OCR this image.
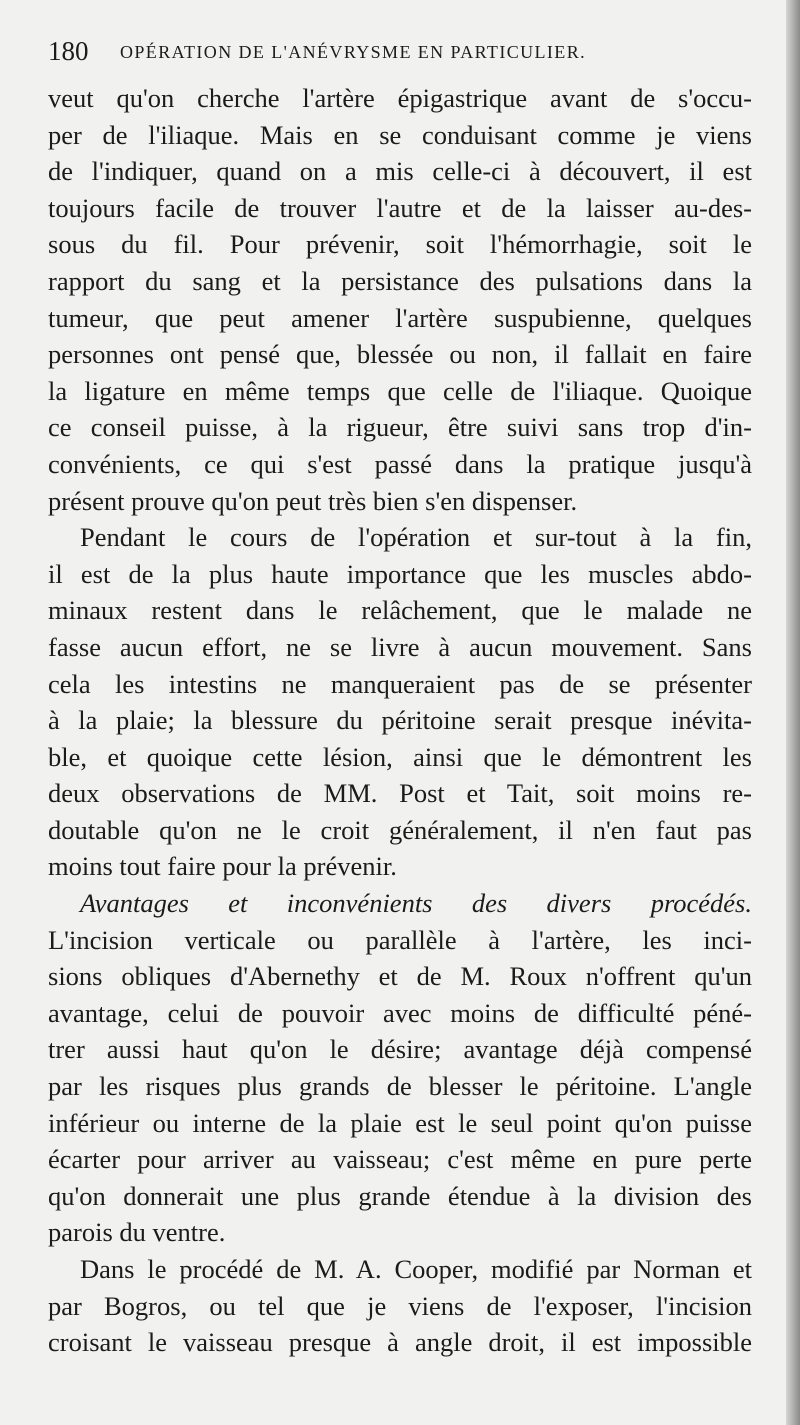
180 OPÉRATION DE L'ANÉVRYSME EN PARTICULIER.
veut qu'on cherche l'artère épigastrique avant de s'occu-
per de l'iliaque. Mais en se conduisant comme je viens
de l'indiquer, quand on a mis celle-ci à découvert, il est
toujours facile de trouver l'autre et de la laisser au-des-
sous du fil. Pour prévenir, soit l'hémorrhagie, soit le
rapport du sang et la persistance des pulsations dans la
tumeur, que peut amener l'artère suspubienne, quelques
personnes ont pensé que, blessée ou non, il fallait en faire
la ligature en même temps que celle de l'iliaque. Quoique
ce conseil puisse, à la rigueur, être suivi sans trop d'in-
convénients, ce qui s'est passé dans la pratique jusqu'à
présent prouve qu'on peut très bien s'en dispenser.
Pendant le cours de l'opération et sur-tout à la fin,
il est de la plus haute importance que les muscles abdo-
minaux restent dans le relâchement, que le malade ne
fasse aucun effort, ne se livre à aucun mouvement. Sans
cela les intestins ne manqueraient pas de se présenter
à la plaie; la blessure du péritoine serait presque inévita-
ble, et quoique cette lésion, ainsi que le démontrent les
deux observations de MM. Post et Tait, soit moins re-
doutable qu'on ne le croit généralement, il n'en faut pas
moins tout faire pour la prévenir.
Avantages et inconvénients des divers procédés.
L'incision verticale ou parallèle à l'artère, les inci-
sions obliques d'Abernethy et de M. Roux n'offrent qu'un
avantage, celui de pouvoir avec moins de difficulté péné-
trer aussi haut qu'on le désire; avantage déjà compensé
par les risques plus grands de blesser le péritoine. L'angle
inférieur ou interne de la plaie est le seul point qu'on puisse
écarter pour arriver au vaisseau; c'est même en pure perte
qu'on donnerait une plus grande étendue à la division des
parois du ventre.
Dans le procédé de M. A. Cooper, modifié par Norman et
par Bogros, ou tel que je viens de l'exposer, l'incision
croisant le vaisseau presque à angle droit, il est impossible
